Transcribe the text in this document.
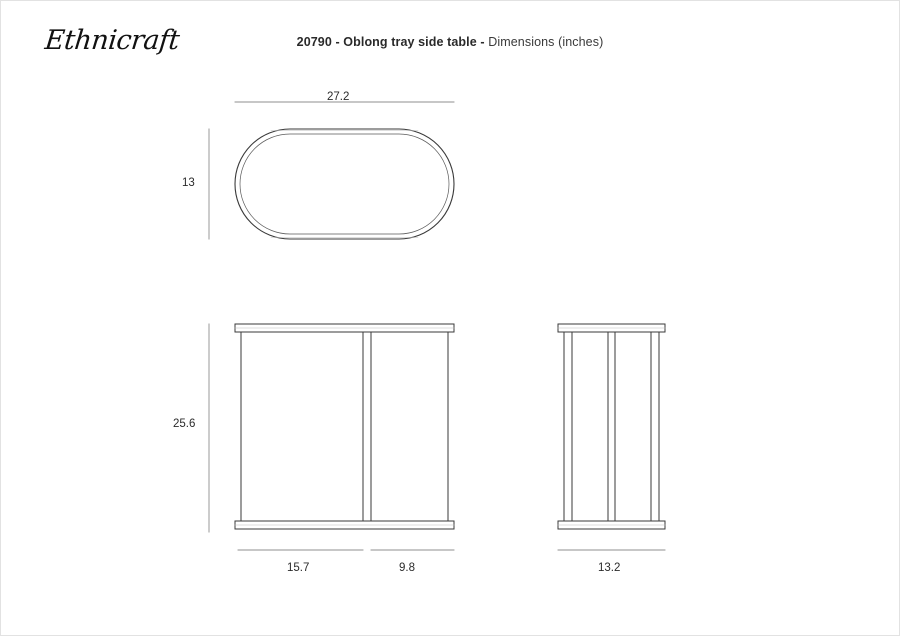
Ethnicraft	20790 - Oblong tray side table - Dimensions (inches)
27.2
13
25.6
15.7	9.8	13.2
